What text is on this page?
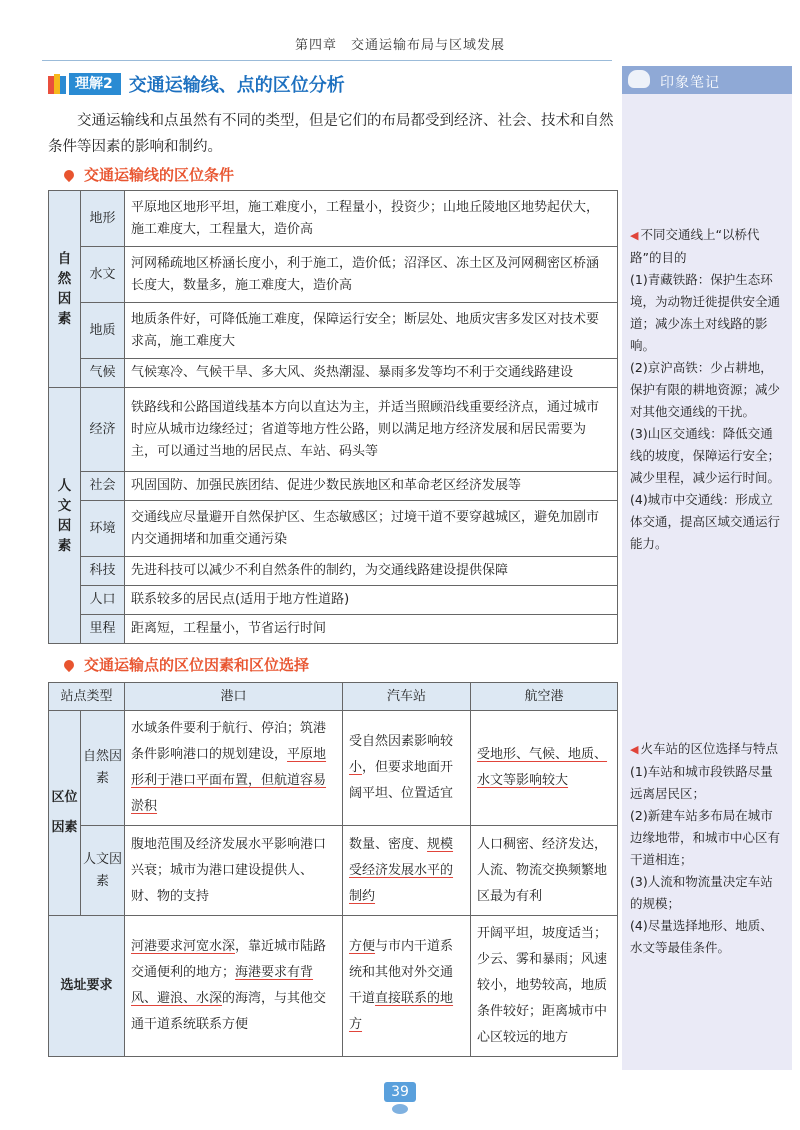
第四章　交通运输布局与区域发展
理解2 交通运输线、点的区位分析	印象笔记
交通运输线和点虽然有不同的类型，但是它们的布局都受到经济、社会、技术和自然条件等因素的影响和制约。
交通运输线的区位条件
自然因素	地形	平原地区地形平坦，施工难度小，工程量小，投资少；山地丘陵地区地势起伏大，施工难度大，工程量大，造价高
	水文	河网稀疏地区桥涵长度小，利于施工，造价低；沼泽区、冻土区及河网稠密区桥涵长度大，数量多，施工难度大，造价高
	地质	地质条件好，可降低施工难度，保障运行安全；断层处、地质灾害多发区对技术要求高，施工难度大
	气候	气候寒冷、气候干旱、多大风、炎热潮湿、暴雨多发等均不利于交通线路建设
人文因素	经济	铁路线和公路国道线基本方向以直达为主，并适当照顾沿线重要经济点，通过城市时应从城市边缘经过；省道等地方性公路，则以满足地方经济发展和居民需要为主，可以通过当地的居民点、车站、码头等
	社会	巩固国防、加强民族团结、促进少数民族地区和革命老区经济发展等
	环境	交通线应尽量避开自然保护区、生态敏感区；过境干道不要穿越城区，避免加剧市内交通拥堵和加重交通污染
	科技	先进科技可以减少不利自然条件的制约，为交通线路建设提供保障
	人口	联系较多的居民点(适用于地方性道路)
	里程	距离短，工程量小，节省运行时间
交通运输点的区位因素和区位选择
站点类型		港口	汽车站	航空港
区位因素	自然因素	水域条件要利于航行、停泊；筑港条件影响港口的规划建设，平原地形利于港口平面布置，但航道容易淤积	受自然因素影响较小，但要求地面开阔平坦、位置适宜	受地形、气候、地质、水文等影响较大
	人文因素	腹地范围及经济发展水平影响港口兴衰；城市为港口建设提供人、财、物的支持	数量、密度、规模受经济发展水平的制约	人口稠密、经济发达，人流、物流交换频繁地区最为有利
选址要求		河港要求河宽水深，靠近城市陆路交通便利的地方；海港要求有背风、避浪、水深的海湾，与其他交通干道系统联系方便	方便与市内干道系统和其他对外交通干道直接联系的地方	开阔平坦，坡度适当；少云、雾和暴雨；风速较小，地势较高，地质条件较好；距离城市中心区较远的地方
◀ 不同交通线上“以桥代路”的目的
(1)青藏铁路：保护生态环境，为动物迁徙提供安全通道；减少冻土对线路的影响。
(2)京沪高铁：少占耕地，保护有限的耕地资源；减少对其他交通线的干扰。
(3)山区交通线：降低交通线的坡度，保障运行安全；减少里程，减少运行时间。
(4)城市中交通线：形成立体交通，提高区域交通运行能力。
◀ 火车站的区位选择与特点
(1)车站和城市段铁路尽量远离居民区；
(2)新建车站多布局在城市边缘地带，和城市中心区有干道相连；
(3)人流和物流量决定车站的规模；
(4)尽量选择地形、地质、水文等最佳条件。
39
